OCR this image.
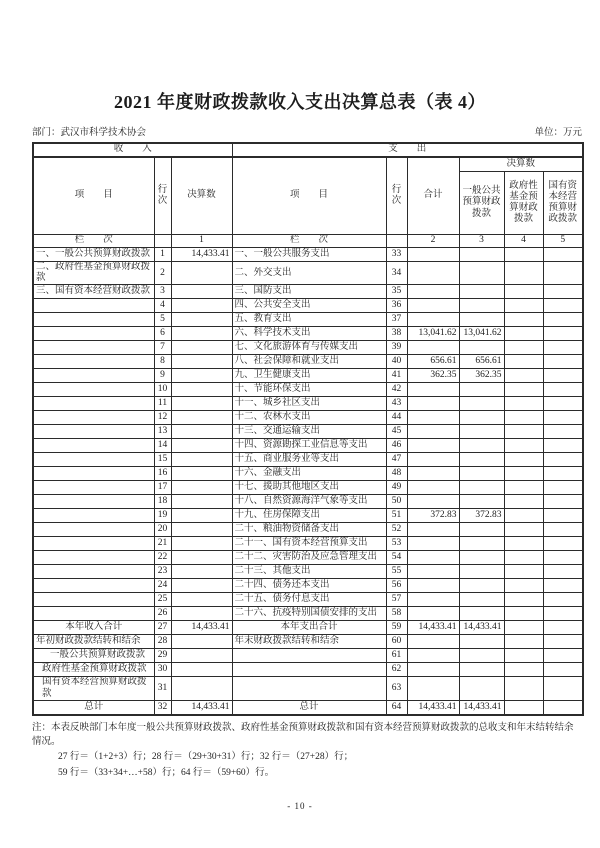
2021 年度财政拨款收入支出决算总表（表 4）
部门：武汉市科学技术协会	单位：万元
收　　入			支　　出					
项　　目	行次	决算数	项　　目	行次	合计	决算数		
						一般公共预算财政拨款	政府性基金预算财政拨款	国有资本经营预算财政拨款
栏　　次		1	栏　　次		2	3	4	5
一、一般公共预算财政拨款	1	14,433.41	一、一般公共服务支出	33				
二、政府性基金预算财政拨款	2		二、外交支出	34				
三、国有资本经营财政拨款	3		三、国防支出	35				
	4		四、公共安全支出	36				
	5		五、教育支出	37				
	6		六、科学技术支出	38	13,041.62	13,041.62		
	7		七、文化旅游体育与传媒支出	39				
	8		八、社会保障和就业支出	40	656.61	656.61		
	9		九、卫生健康支出	41	362.35	362.35		
	10		十、节能环保支出	42				
	11		十一、城乡社区支出	43				
	12		十二、农林水支出	44				
	13		十三、交通运输支出	45				
	14		十四、资源勘探工业信息等支出	46				
	15		十五、商业服务业等支出	47				
	16		十六、金融支出	48				
	17		十七、援助其他地区支出	49				
	18		十八、自然资源海洋气象等支出	50				
	19		十九、住房保障支出	51	372.83	372.83		
	20		二十、粮油物资储备支出	52				
	21		二十一、国有资本经营预算支出	53				
	22		二十二、灾害防治及应急管理支出	54				
	23		二十三、其他支出	55				
	24		二十四、债务还本支出	56				
	25		二十五、债务付息支出	57				
	26		二十六、抗疫特别国债安排的支出	58				
本年收入合计	27	14,433.41	本年支出合计	59	14,433.41	14,433.41		
年初财政拨款结转和结余	28		年末财政拨款结转和结余	60				
一般公共预算财政拨款	29			61				
政府性基金预算财政拨款	30			62				
国有资本经营预算财政拨款	31			63				
总计	32	14,433.41	总计	64	14,433.41	14,433.41		

注：本表反映部门本年度一般公共预算财政拨款、政府性基金预算财政拨款和国有资本经营预算财政拨款的总收支和年末结转结余情况。

27 行＝（1+2+3）行；28 行＝（29+30+31）行；32 行＝（27+28）行；

59 行＝（33+34+…+58）行；64 行＝（59+60）行。

- 10 -
